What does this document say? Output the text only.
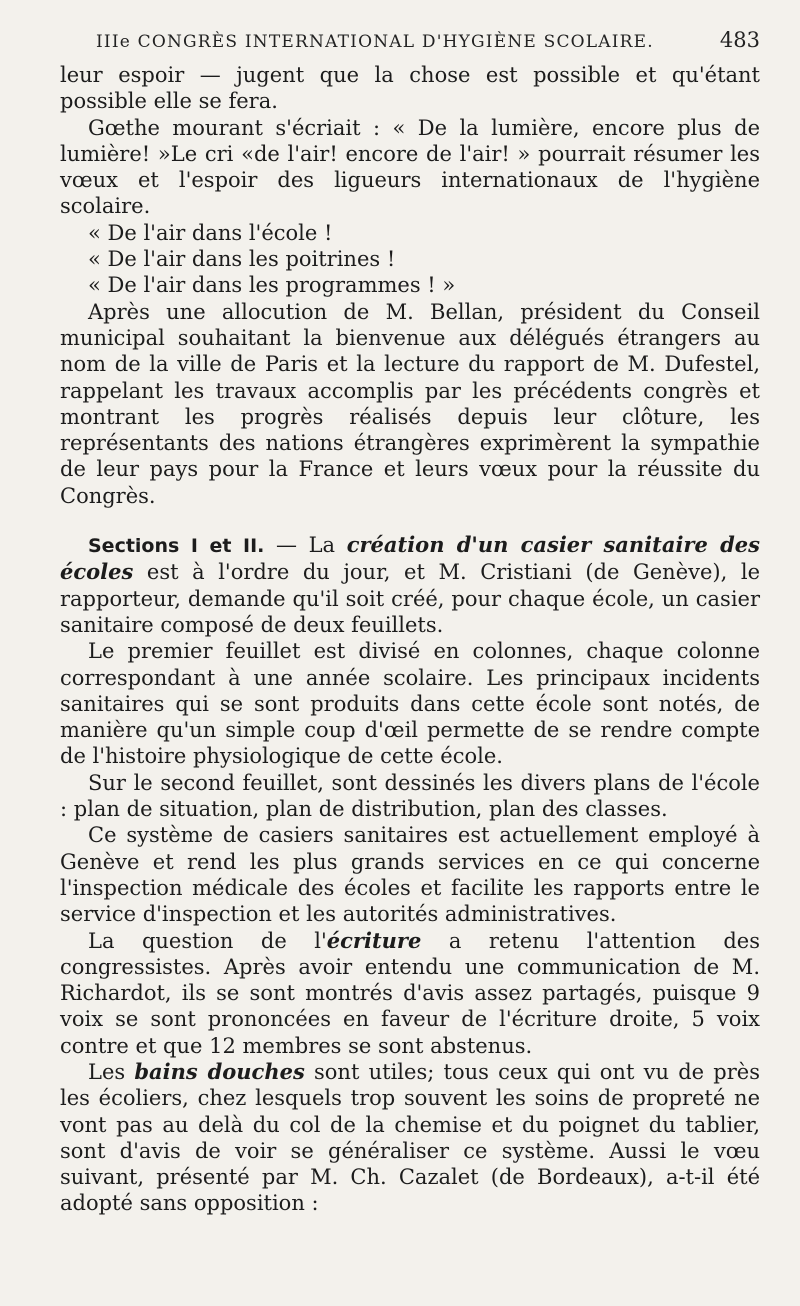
IIIe CONGRÈS INTERNATIONAL D'HYGIÈNE SCOLAIRE.	483

leur espoir — jugent que la chose est possible et qu'étant possible elle se fera.

Gœthe mourant s'écriait : « De la lumière, encore plus de lumière! »Le cri «de l'air! encore de l'air! » pourrait résumer les vœux et l'espoir des ligueurs internationaux de l'hygiène scolaire.

« De l'air dans l'école !

« De l'air dans les poitrines !

« De l'air dans les programmes ! »

Après une allocution de M. Bellan, président du Conseil municipal souhaitant la bienvenue aux délégués étrangers au nom de la ville de Paris et la lecture du rapport de M. Dufestel, rappelant les travaux accomplis par les précédents congrès et montrant les progrès réalisés depuis leur clôture, les représentants des nations étrangères exprimèrent la sympathie de leur pays pour la France et leurs vœux pour la réussite du Congrès.

Sections I et II. — La création d'un casier sanitaire des écoles est à l'ordre du jour, et M. Cristiani (de Genève), le rapporteur, demande qu'il soit créé, pour chaque école, un casier sanitaire composé de deux feuillets.

Le premier feuillet est divisé en colonnes, chaque colonne correspondant à une année scolaire. Les principaux incidents sanitaires qui se sont produits dans cette école sont notés, de manière qu'un simple coup d'œil permette de se rendre compte de l'histoire physiologique de cette école.

Sur le second feuillet, sont dessinés les divers plans de l'école : plan de situation, plan de distribution, plan des classes.

Ce système de casiers sanitaires est actuellement employé à Genève et rend les plus grands services en ce qui concerne l'inspection médicale des écoles et facilite les rapports entre le service d'inspection et les autorités administratives.

La question de l'écriture a retenu l'attention des congressistes. Après avoir entendu une communication de M. Richardot, ils se sont montrés d'avis assez partagés, puisque 9 voix se sont prononcées en faveur de l'écriture droite, 5 voix contre et que 12 membres se sont abstenus.

Les bains douches sont utiles; tous ceux qui ont vu de près les écoliers, chez lesquels trop souvent les soins de propreté ne vont pas au delà du col de la chemise et du poignet du tablier, sont d'avis de voir se généraliser ce système. Aussi le vœu suivant, présenté par M. Ch. Cazalet (de Bordeaux), a-t-il été adopté sans opposition :
